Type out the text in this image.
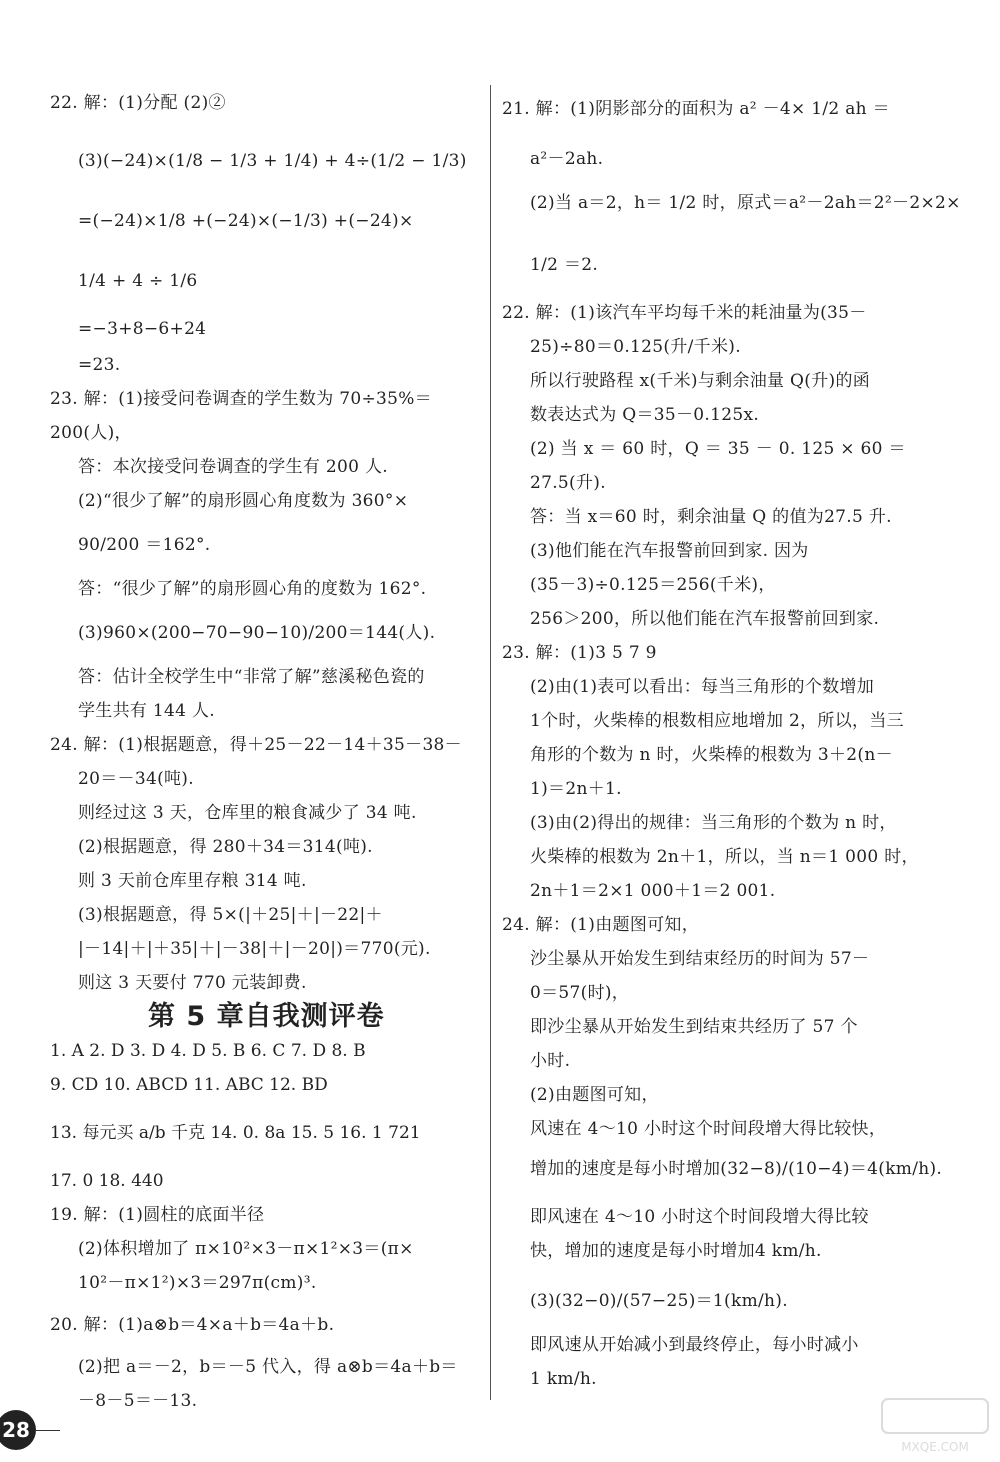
22. 解：(1)分配 (2)②
(3)(−24)×(1/8 − 1/3 + 1/4) + 4÷(1/2 − 1/3)
=(−24)×1/8 +(−24)×(−1/3) +(−24)×
1/4 + 4 ÷ 1/6
=−3+8−6+24
=23.
23. 解：(1)接受问卷调查的学生数为 70÷35%＝
200(人)，
答：本次接受问卷调查的学生有 200 人.
(2)“很少了解”的扇形圆心角度数为 360°×
90/200 ＝162°.
答：“很少了解”的扇形圆心角的度数为 162°.
(3)960×(200−70−90−10)/200＝144(人).
答：估计全校学生中“非常了解”慈溪秘色瓷的
学生共有 144 人.
24. 解：(1)根据题意，得＋25－22－14＋35－38－
20＝－34(吨).
则经过这 3 天，仓库里的粮食减少了 34 吨.
(2)根据题意，得 280＋34＝314(吨).
则 3 天前仓库里存粮 314 吨.
(3)根据题意，得 5×(|＋25|＋|－22|＋
|－14|＋|＋35|＋|－38|＋|－20|)＝770(元).
则这 3 天要付 770 元装卸费.
19. 解：(1)圆柱的底面半径
(2)体积增加了 π×10²×3－π×1²×3＝(π×
10²－π×1²)×3＝297π(cm)³.
20. 解：(1)a⊗b＝4×a＋b＝4a＋b.
(2)把 a＝－2，b＝－5 代入，得 a⊗b＝4a＋b＝
－8－5＝－13.
21. 解：(1)阴影部分的面积为 a² －4× 1/2 ah ＝
a²－2ah.
(2)当 a＝2，h＝ 1/2 时，原式＝a²－2ah＝2²－2×2×
1/2 ＝2.
22. 解：(1)该汽车平均每千米的耗油量为(35－
25)÷80＝0.125(升/千米).
所以行驶路程 x(千米)与剩余油量 Q(升)的函
数表达式为 Q＝35－0.125x.
(2) 当 x ＝ 60 时，Q ＝ 35 － 0. 125 × 60 ＝
27.5(升).
答：当 x＝60 时，剩余油量 Q 的值为27.5 升.
(3)他们能在汽车报警前回到家. 因为
(35－3)÷0.125＝256(千米)，
256＞200，所以他们能在汽车报警前回到家.
23. 解：(1)3 5 7 9
(2)由(1)表可以看出：每当三角形的个数增加
1个时，火柴棒的根数相应地增加 2，所以，当三
角形的个数为 n 时，火柴棒的根数为 3＋2(n－
1)＝2n＋1.
(3)由(2)得出的规律：当三角形的个数为 n 时，
火柴棒的根数为 2n＋1，所以，当 n＝1 000 时，
2n＋1＝2×1 000＋1＝2 001.
24. 解：(1)由题图可知，
沙尘暴从开始发生到结束经历的时间为 57－
0＝57(时)，
即沙尘暴从开始发生到结束共经历了 57 个
小时.
(2)由题图可知，
风速在 4～10 小时这个时间段增大得比较快，
增加的速度是每小时增加(32−8)/(10−4)＝4(km/h).
即风速在 4～10 小时这个时间段增大得比较
快，增加的速度是每小时增加4 km/h.
(3)(32−0)/(57−25)＝1(km/h).
即风速从开始减小到最终停止，每小时减小
1 km/h.
第 5 章自我测评卷
28
MXQE.COM
1. A 2. D 3. D 4. D 5. B 6. C 7. D 8. B
9. CD 10. ABCD 11. ABC 12. BD
13. 每元买 a/b 千克 14. 0. 8a 15. 5 16. 1 721
17. 0 18. 440
